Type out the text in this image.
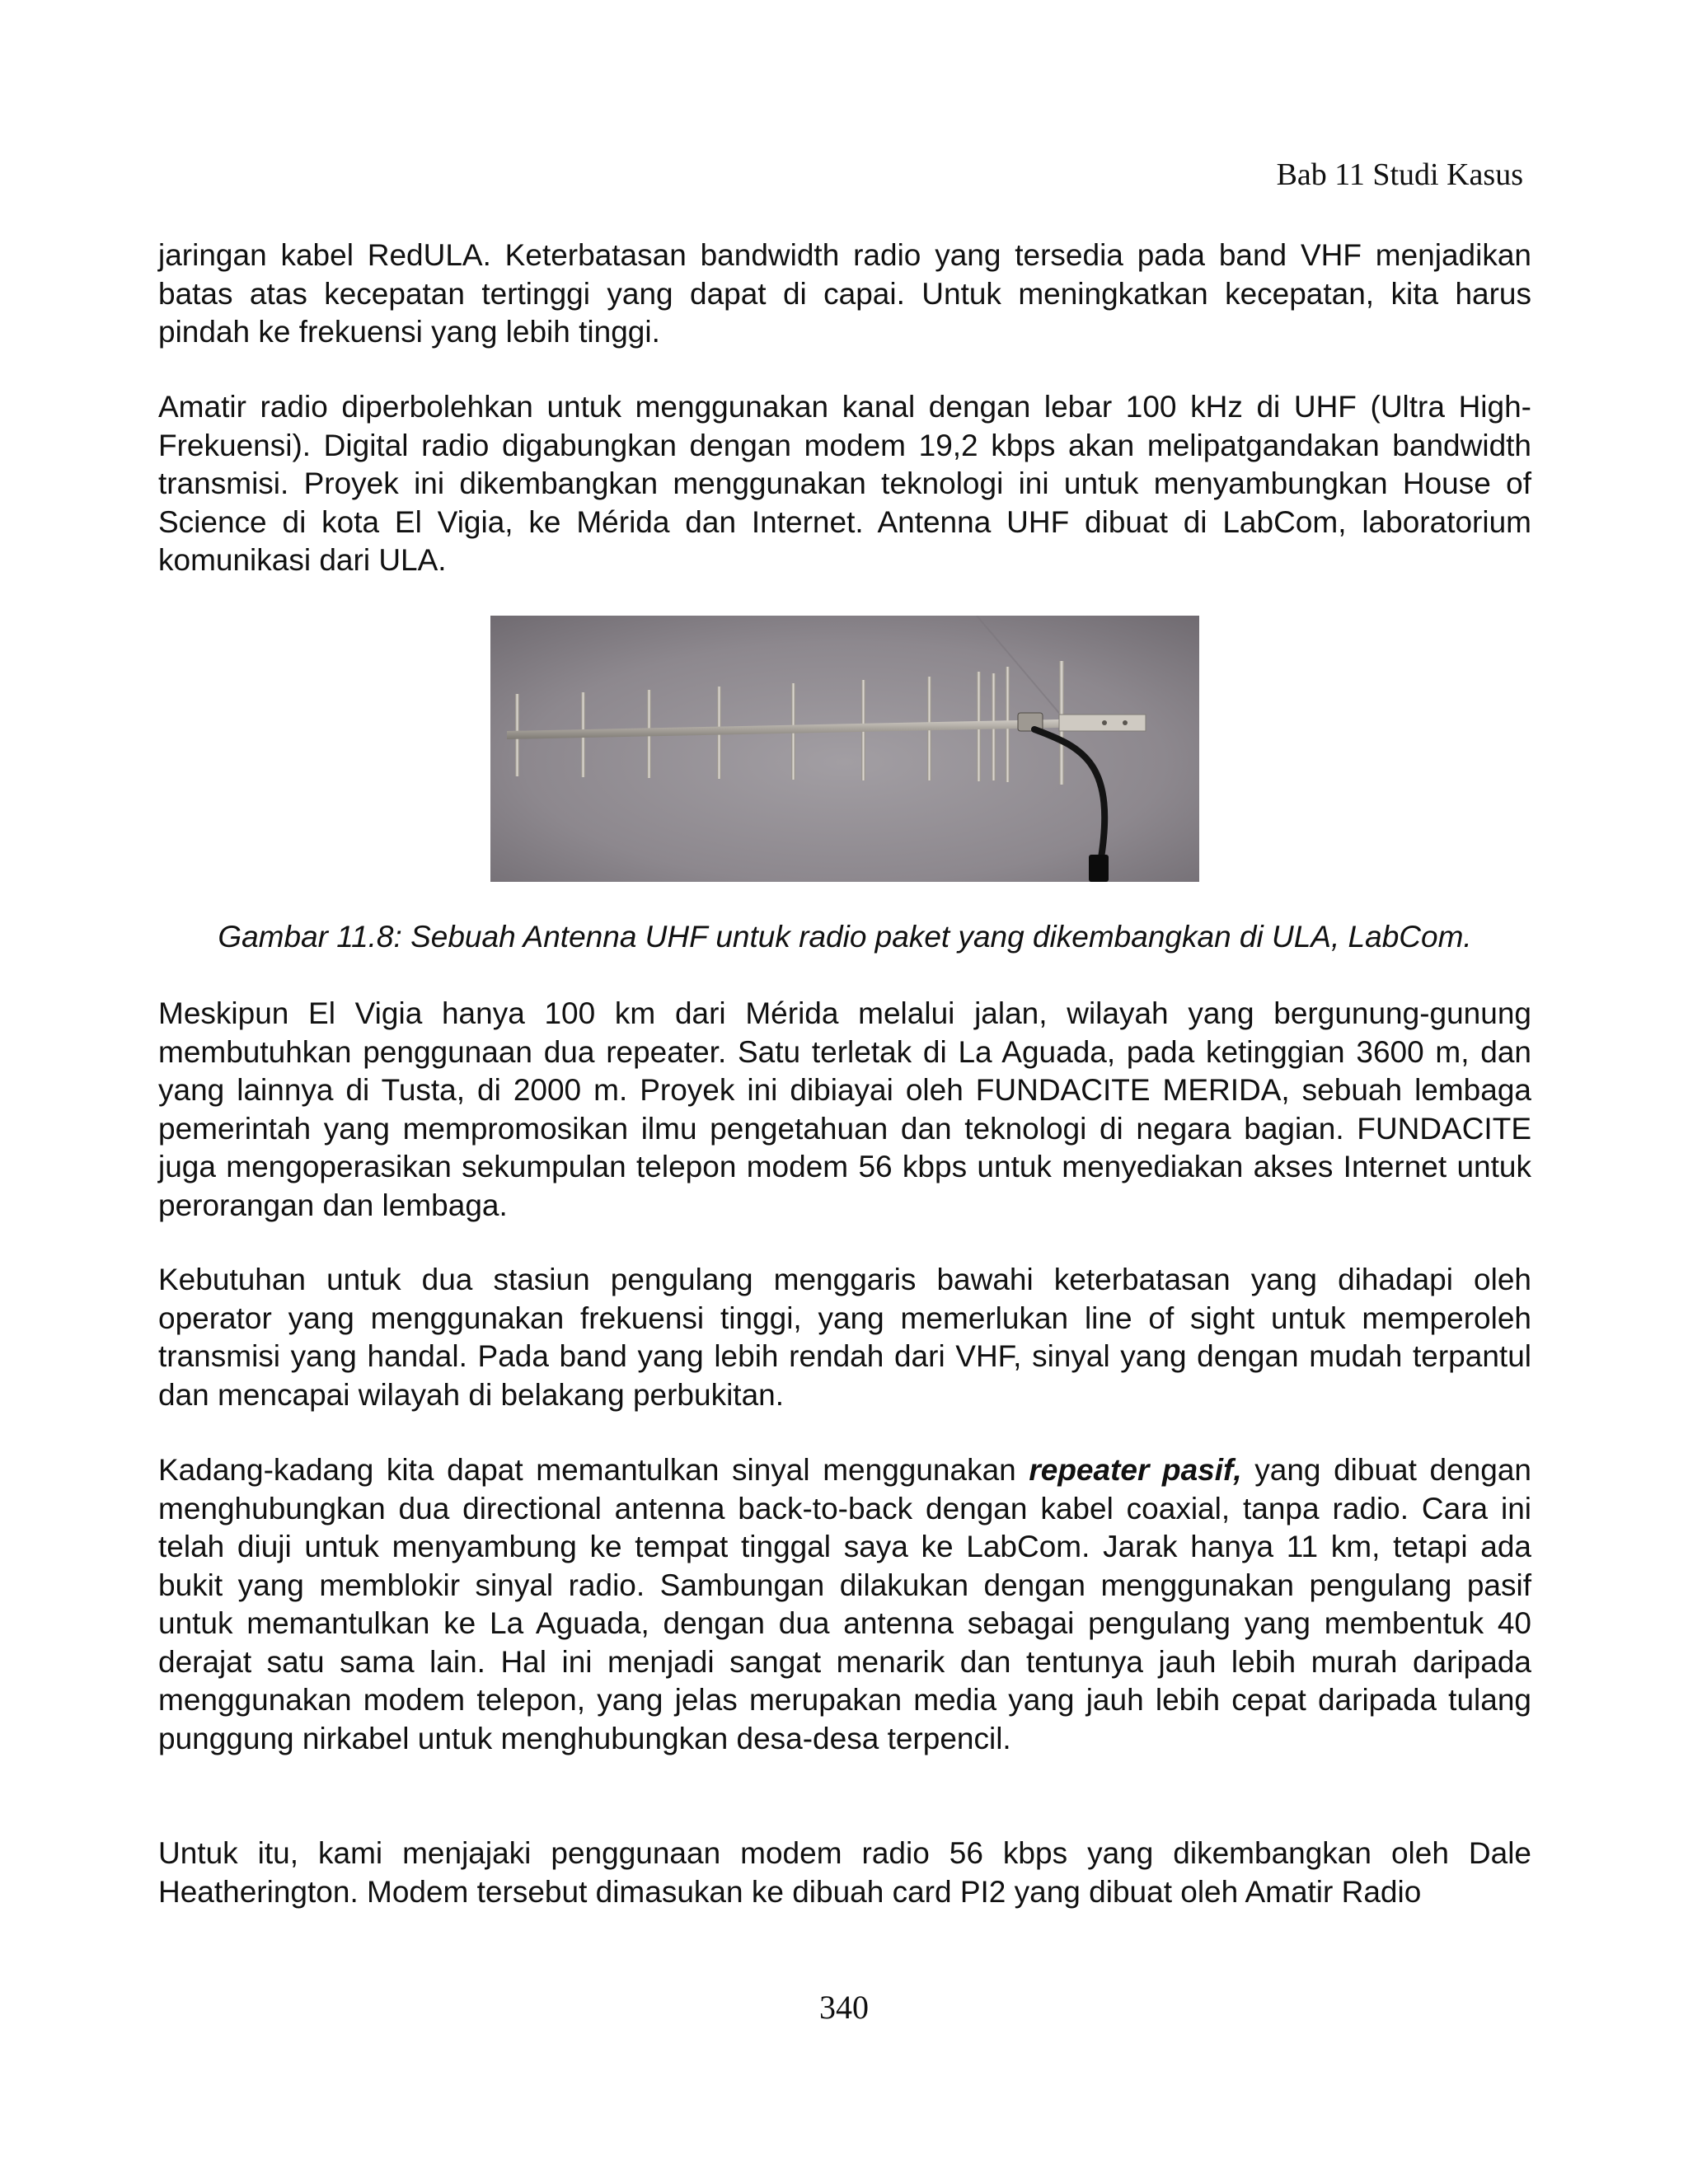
Bab 11 Studi Kasus

jaringan kabel RedULA. Keterbatasan bandwidth radio yang tersedia pada band VHF menjadikan batas atas kecepatan tertinggi yang dapat di capai. Untuk meningkatkan kecepatan, kita harus pindah ke frekuensi yang lebih tinggi.

Amatir radio diperbolehkan untuk menggunakan kanal dengan lebar 100 kHz di UHF (Ultra High-Frekuensi). Digital radio digabungkan dengan modem 19,2 kbps akan melipatgandakan bandwidth transmisi. Proyek ini dikembangkan menggunakan teknologi ini untuk menyambungkan House of Science di kota El Vigia, ke Mérida dan Internet. Antenna UHF dibuat di LabCom, laboratorium komunikasi dari ULA.

Gambar 11.8: Sebuah Antenna UHF untuk radio paket yang dikembangkan di ULA, LabCom.

Meskipun El Vigia hanya 100 km dari Mérida melalui jalan, wilayah yang bergunung-gunung membutuhkan penggunaan dua repeater. Satu terletak di La Aguada, pada ketinggian 3600 m, dan yang lainnya di Tusta, di 2000 m. Proyek ini dibiayai oleh FUNDACITE MERIDA, sebuah lembaga pemerintah yang mempromosikan ilmu pengetahuan dan teknologi di negara bagian. FUNDACITE juga mengoperasikan sekumpulan telepon modem 56 kbps untuk menyediakan akses Internet untuk perorangan dan lembaga.

Kebutuhan untuk dua stasiun pengulang menggaris bawahi keterbatasan yang dihadapi oleh operator yang menggunakan frekuensi tinggi, yang memerlukan line of sight untuk memperoleh transmisi yang handal. Pada band yang lebih rendah dari VHF, sinyal yang dengan mudah terpantul dan mencapai wilayah di belakang perbukitan.

Kadang-kadang kita dapat memantulkan sinyal menggunakan repeater pasif, yang dibuat dengan menghubungkan dua directional antenna back-to-back dengan kabel coaxial, tanpa radio. Cara ini telah diuji untuk menyambung ke tempat tinggal saya ke LabCom. Jarak hanya 11 km, tetapi ada bukit yang memblokir sinyal radio. Sambungan dilakukan dengan menggunakan pengulang pasif untuk memantulkan ke La Aguada, dengan dua antenna sebagai pengulang yang membentuk 40 derajat satu sama lain. Hal ini menjadi sangat menarik dan tentunya jauh lebih murah daripada menggunakan modem telepon, yang jelas merupakan media yang jauh lebih cepat daripada tulang punggung nirkabel untuk menghubungkan desa-desa terpencil.

Untuk itu, kami menjajaki penggunaan modem radio 56 kbps yang dikembangkan oleh Dale Heatherington. Modem tersebut dimasukan ke dibuah card PI2 yang dibuat oleh Amatir Radio

340
